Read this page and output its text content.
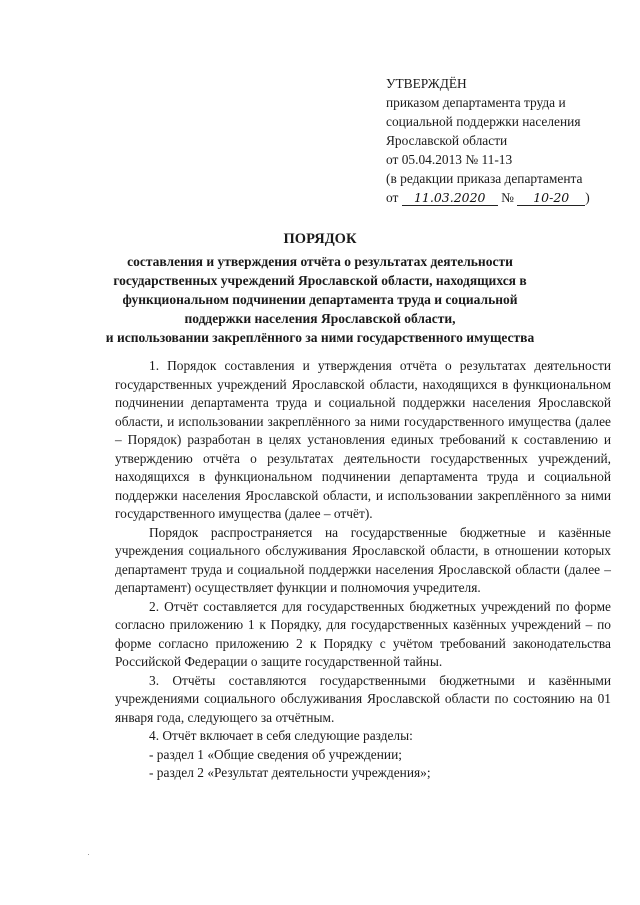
УТВЕРЖДЁН
приказом департамента труда и
социальной поддержки населения
Ярославской области
от 05.04.2013 № 11-13
(в редакции приказа департамента
от 11.03.2020 № 10-20 )
ПОРЯДОК
составления и утверждения отчёта о результатах деятельности
государственных учреждений Ярославской области, находящихся в
функциональном подчинении департамента труда и социальной
поддержки населения Ярославской области,
и использовании закреплённого за ними государственного имущества

1. Порядок составления и утверждения отчёта о результатах деятельности государственных учреждений Ярославской области, находящихся в функциональном подчинении департамента труда и социальной поддержки населения Ярославской области, и использовании закреплённого за ними государственного имущества (далее – Порядок) разработан в целях установления единых требований к составлению и утверждению отчёта о результатах деятельности государственных учреждений, находящихся в функциональном подчинении департамента труда и социальной поддержки населения Ярославской области, и использовании закреплённого за ними государственного имущества (далее – отчёт).

Порядок распространяется на государственные бюджетные и казённые учреждения социального обслуживания Ярославской области, в отношении которых департамент труда и социальной поддержки населения Ярославской области (далее – департамент) осуществляет функции и полномочия учредителя.

2. Отчёт составляется для государственных бюджетных учреждений по форме согласно приложению 1 к Порядку, для государственных казённых учреждений – по форме согласно приложению 2 к Порядку с учётом требований законодательства Российской Федерации о защите государственной тайны.

3. Отчёты составляются государственными бюджетными и казёнными учреждениями социального обслуживания Ярославской области по состоянию на 01 января года, следующего за отчётным.

4. Отчёт включает в себя следующие разделы:

- раздел 1 «Общие сведения об учреждении;

- раздел 2 «Результат деятельности учреждения»;
